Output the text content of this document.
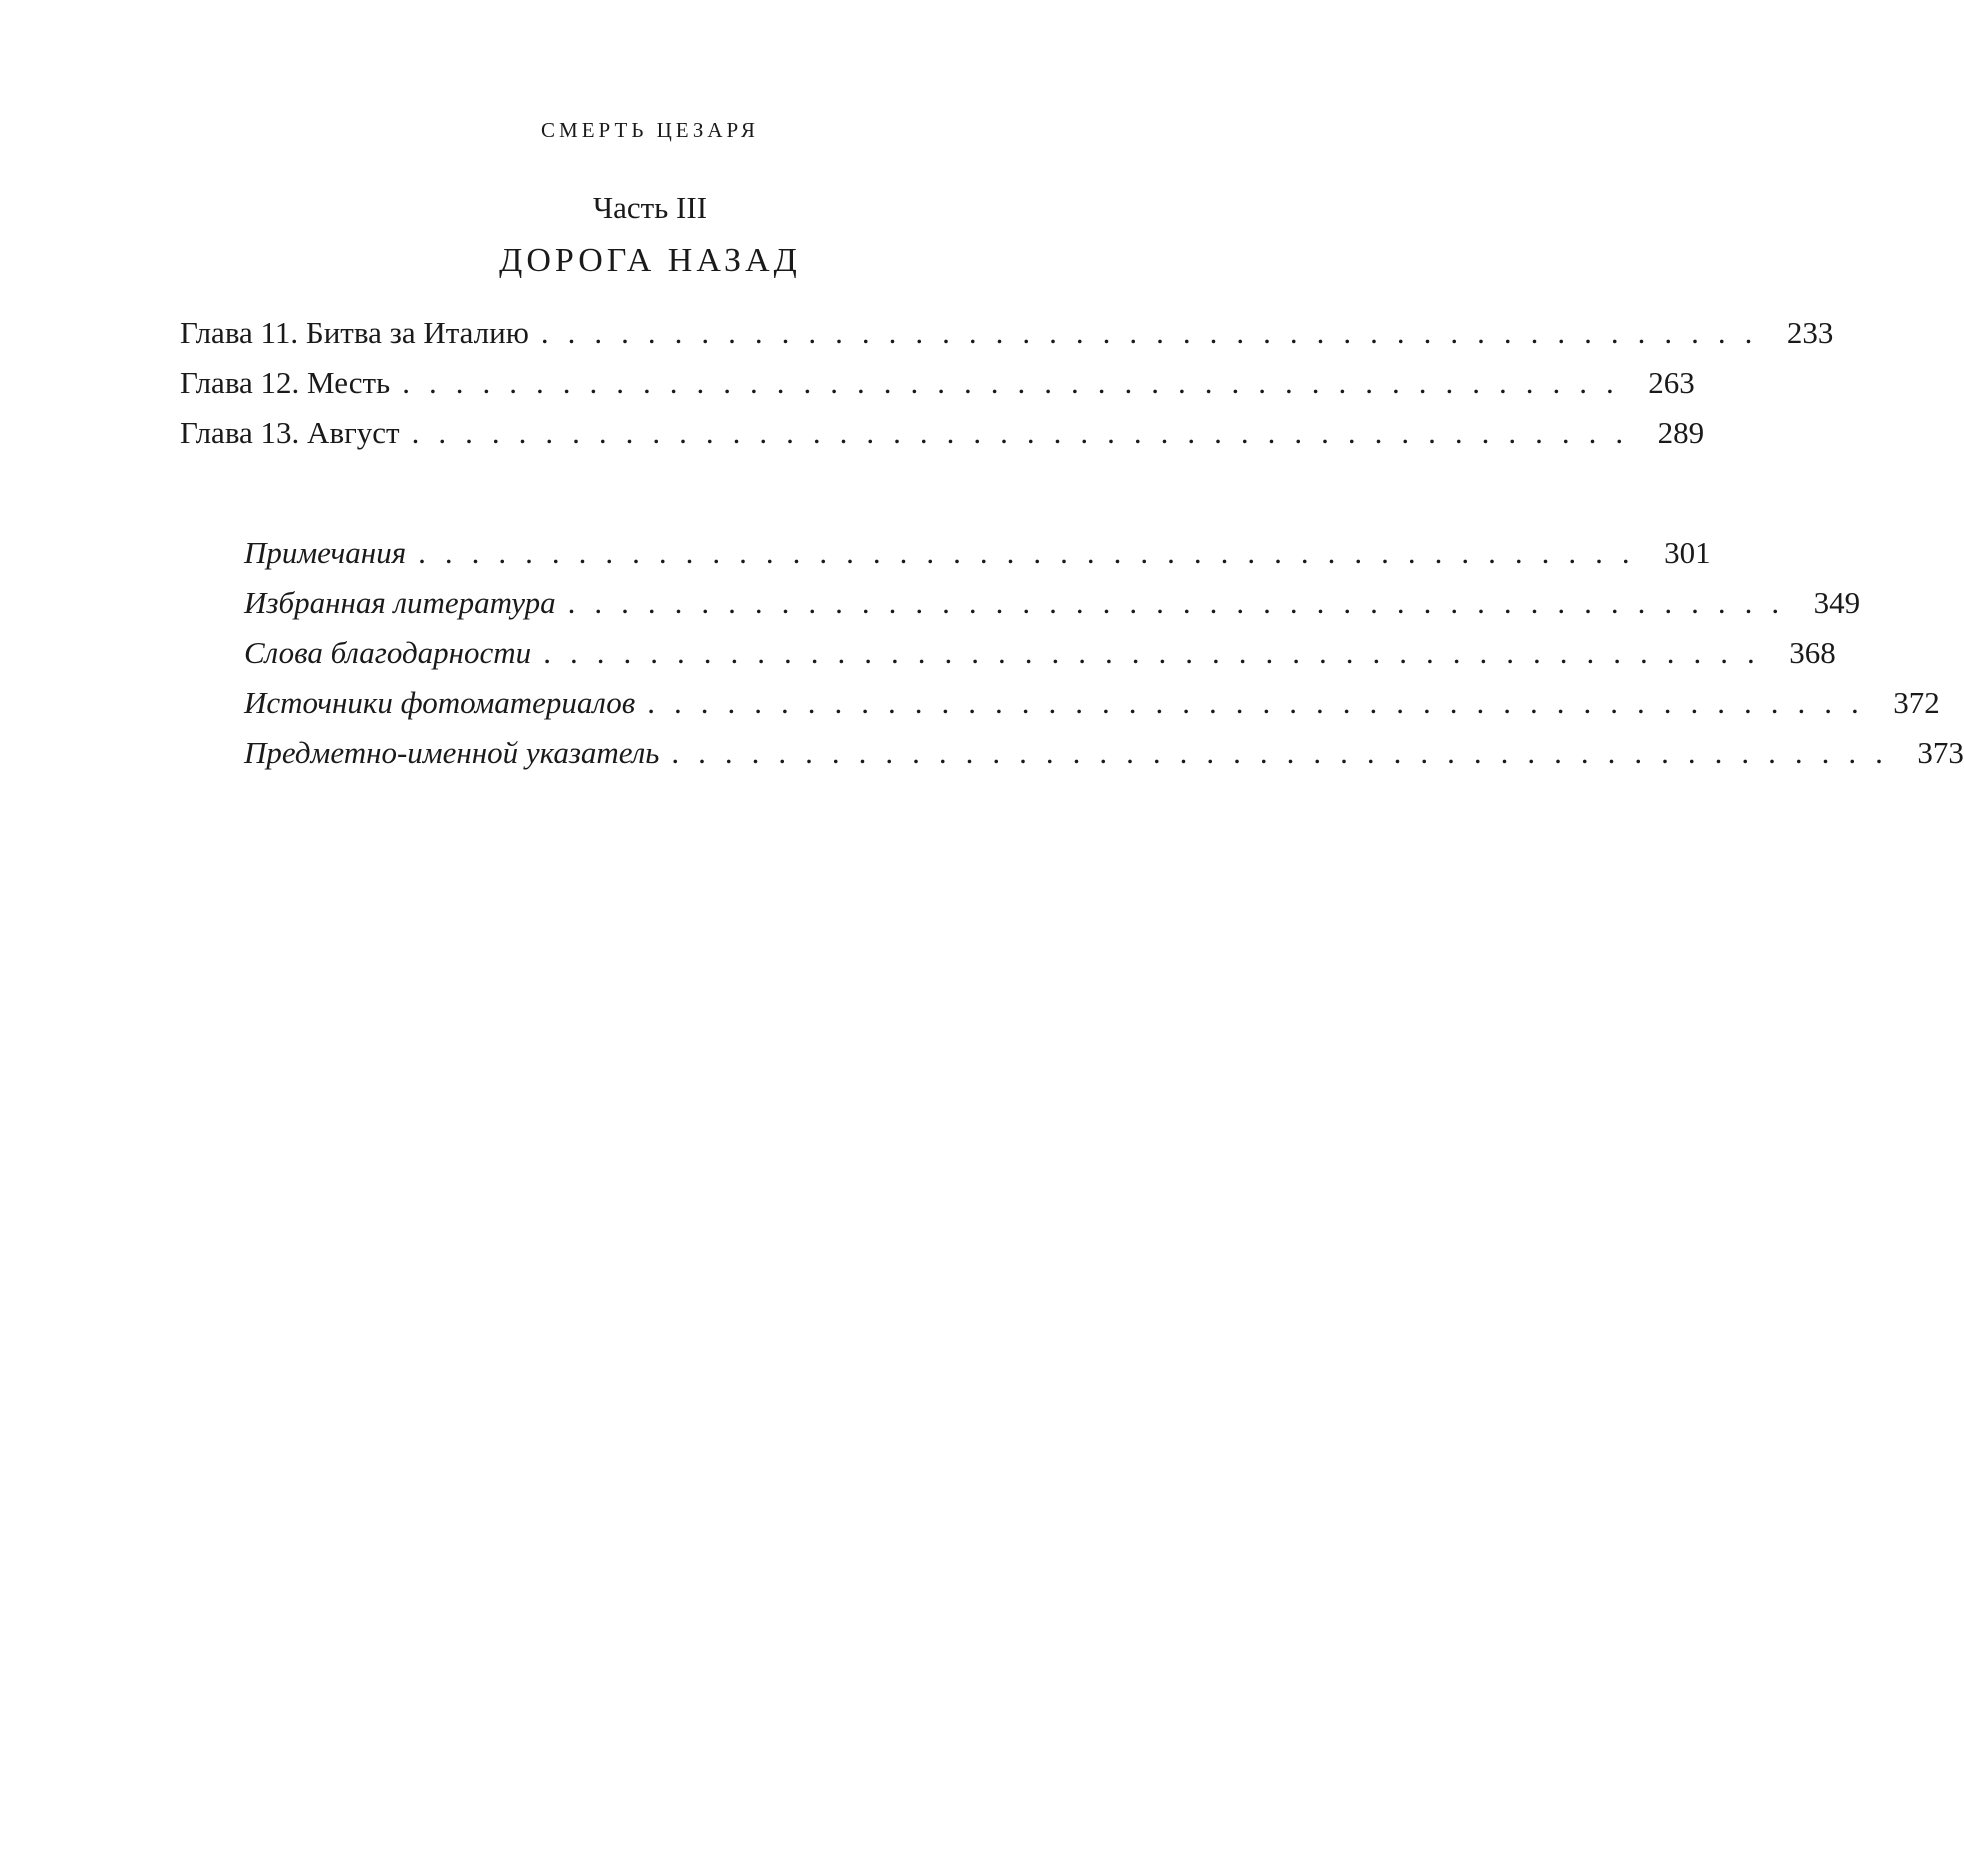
СМЕРТЬ ЦЕЗАРЯ
Часть III
ДОРОГА НАЗАД
Глава 11. Битва за Италию .............................................. 233
Глава 12. Месть .............................................. 263
Глава 13. Август .............................................. 289
Примечания .............................................. 301
Избранная литература .............................................. 349
Слова благодарности .............................................. 368
Источники фотоматериалов .............................................. 372
Предметно-именной указатель .............................................. 373
